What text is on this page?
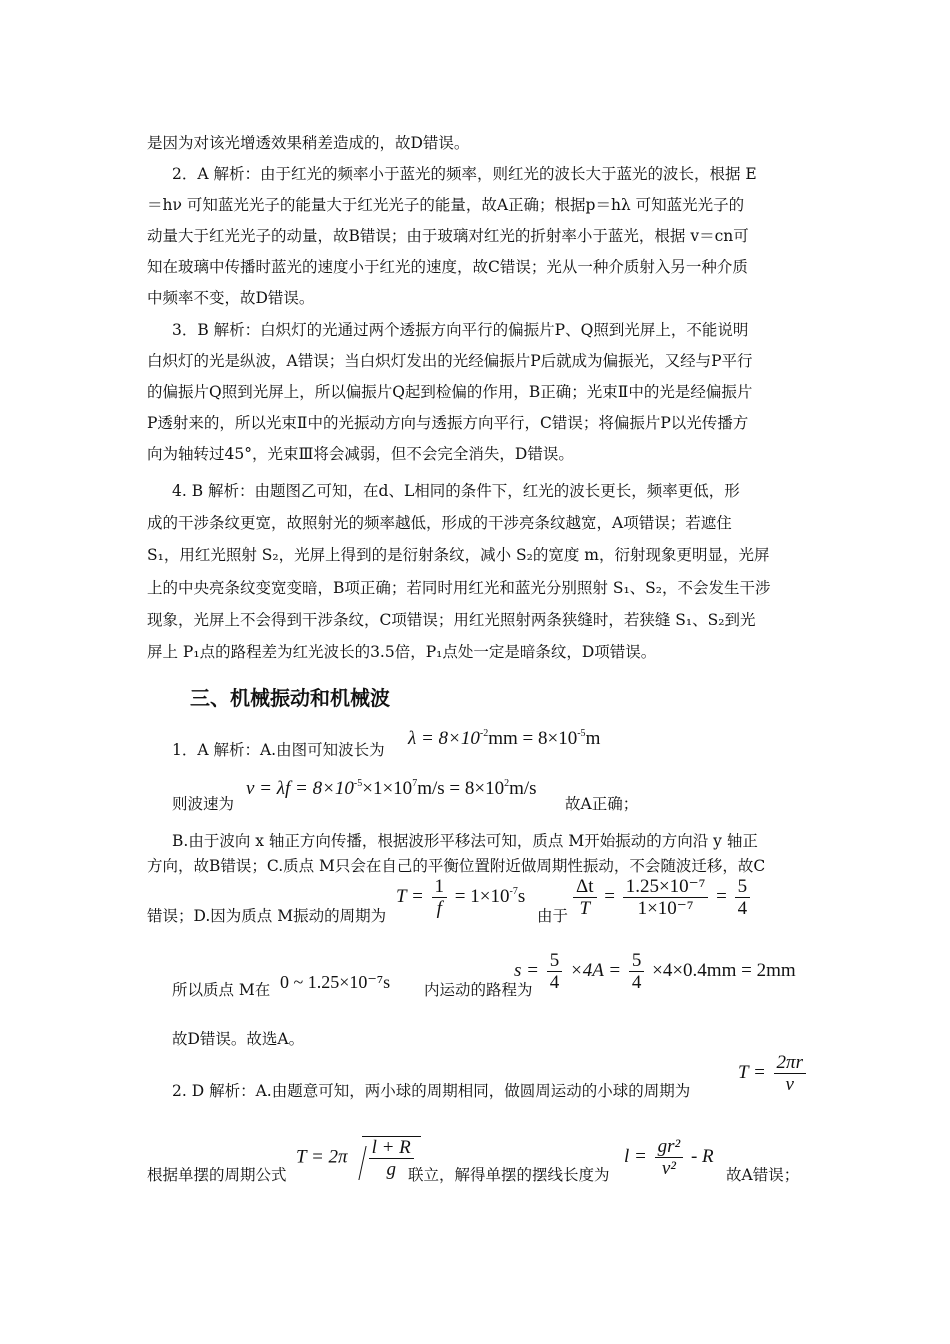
是因为对该光增透效果稍差造成的，故D错误。
2．A 解析：由于红光的频率小于蓝光的频率，则红光的波长大于蓝光的波长，根据 E
＝hν 可知蓝光光子的能量大于红光光子的能量，故A正确；根据p＝hλ 可知蓝光光子的
动量大于红光光子的动量，故B错误；由于玻璃对红光的折射率小于蓝光，根据 v＝cn可
知在玻璃中传播时蓝光的速度小于红光的速度，故C错误；光从一种介质射入另一种介质
中频率不变，故D错误。
3．B 解析：白炽灯的光通过两个透振方向平行的偏振片P、Q照到光屏上，不能说明
白炽灯的光是纵波，A错误；当白炽灯发出的光经偏振片P后就成为偏振光，又经与P平行
的偏振片Q照到光屏上，所以偏振片Q起到检偏的作用，B正确；光束Ⅱ中的光是经偏振片
P透射来的，所以光束Ⅱ中的光振动方向与透振方向平行，C错误；将偏振片P以光传播方
向为轴转过45°，光束Ⅲ将会减弱，但不会完全消失，D错误。
4. B 解析：由题图乙可知，在d、L相同的条件下，红光的波长更长，频率更低，形
成的干涉条纹更宽，故照射光的频率越低，形成的干涉亮条纹越宽，A项错误；若遮住
S₁，用红光照射 S₂，光屏上得到的是衍射条纹，减小 S₂的宽度 m，衍射现象更明显，光屏
上的中央亮条纹变宽变暗，B项正确；若同时用红光和蓝光分别照射 S₁、S₂，不会发生干涉
现象，光屏上不会得到干涉条纹，C项错误；用红光照射两条狭缝时，若狭缝 S₁、S₂到光
屏上 P₁点的路程差为红光波长的3.5倍，P₁点处一定是暗条纹，D项错误。
三、机械振动和机械波
1．A 解析：A.由图可知波长为
$\lambda = 8\times 10^{-2}mm = 8\times 10^{-5}m$
则波速为
$v = \lambda f = 8\times 10^{-5}\times 1\times 10^7m/s = 8\times 10^2m/s$
故A正确；
B.由于波向 x 轴正方向传播，根据波形平移法可知，质点 M开始振动的方向沿 y 轴正
方向，故B错误；C.质点 M只会在自己的平衡位置附近做周期性振动，不会随波迁移，故C
错误；D.因为质点 M振动的周期为
$T = \frac{1}{f} = 1\times 10^{-7}s$
由于 $\frac{\Delta t}{T} = \frac{\text{1.25×10⁻⁷}}{\text{1×10⁻⁷}} = \frac{5}{4}$
所以质点 M在 0 ~ 1.25×10⁻⁷s 内运动的路程为
$s = \frac{5}{4} \times 4A = \frac{5}{4} \times 4\times 0.4mm = 2mm$
故D错误。故选A。
2. D 解析：A.由题意可知，两小球的周期相同，做圆周运动的小球的周期为
$T = \frac{2\pi r}{v}$
根据单摆的周期公式
$T = 2\pi \frac{l + R}{g}$
联立，解得单摆的摆线长度为
$l = \frac{\text{gr²}}{\text{v²}} - R$
故A错误；
